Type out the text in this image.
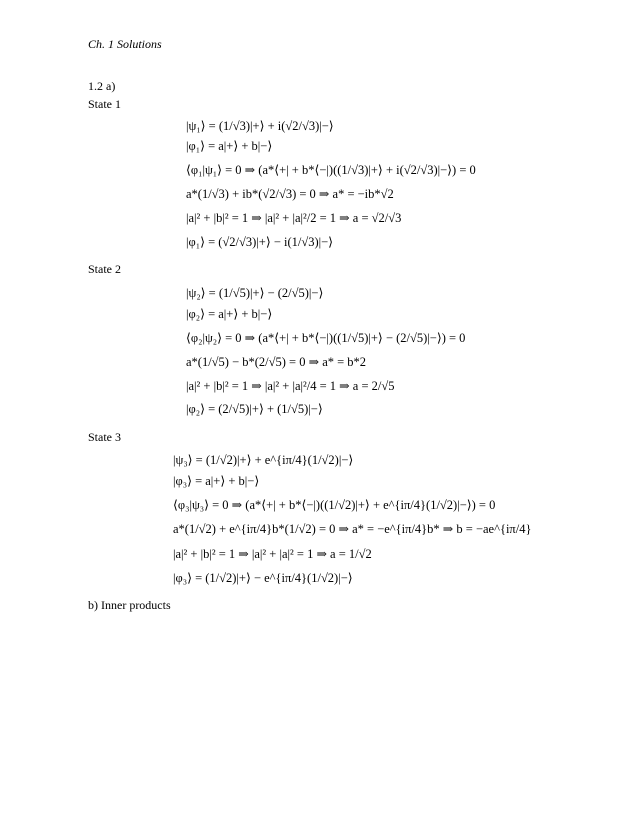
Ch. 1 Solutions
1.2 a)
State 1
|ψ₁⟩ = (1/√3)|+⟩ + i(√2/√3)|−⟩
|φ₁⟩ = a|+⟩ + b|−⟩
⟨φ₁|ψ₁⟩ = 0 ⇒ (a*⟨+| + b*⟨−|)((1/√3)|+⟩ + i(√2/√3)|−⟩) = 0
a*(1/√3) + ib*(√2/√3) = 0 ⇒ a* = −ib*√2
|a|² + |b|² = 1 ⇒ |a|² + |a|²/2 = 1 ⇒ a = √2/√3
|φ₁⟩ = (√2/√3)|+⟩ − i(1/√3)|−⟩
State 2
|ψ₂⟩ = (1/√5)|+⟩ − (2/√5)|−⟩
|φ₂⟩ = a|+⟩ + b|−⟩
⟨φ₂|ψ₂⟩ = 0 ⇒ (a*⟨+| + b*⟨−|)((1/√5)|+⟩ − (2/√5)|−⟩) = 0
a*(1/√5) − b*(2/√5) = 0 ⇒ a* = b*2
|a|² + |b|² = 1 ⇒ |a|² + |a|²/4 = 1 ⇒ a = 2/√5
|φ₂⟩ = (2/√5)|+⟩ + (1/√5)|−⟩
State 3
|ψ₃⟩ = (1/√2)|+⟩ + e^{iπ/4}(1/√2)|−⟩
|φ₃⟩ = a|+⟩ + b|−⟩
⟨φ₃|ψ₃⟩ = 0 ⇒ (a*⟨+| + b*⟨−|)((1/√2)|+⟩ + e^{iπ/4}(1/√2)|−⟩) = 0
a*(1/√2) + e^{iπ/4}b*(1/√2) = 0 ⇒ a* = −e^{iπ/4}b* ⇒ b = −ae^{iπ/4}
|a|² + |b|² = 1 ⇒ |a|² + |a|² = 1 ⇒ a = 1/√2
|φ₃⟩ = (1/√2)|+⟩ − e^{iπ/4}(1/√2)|−⟩
b) Inner products
